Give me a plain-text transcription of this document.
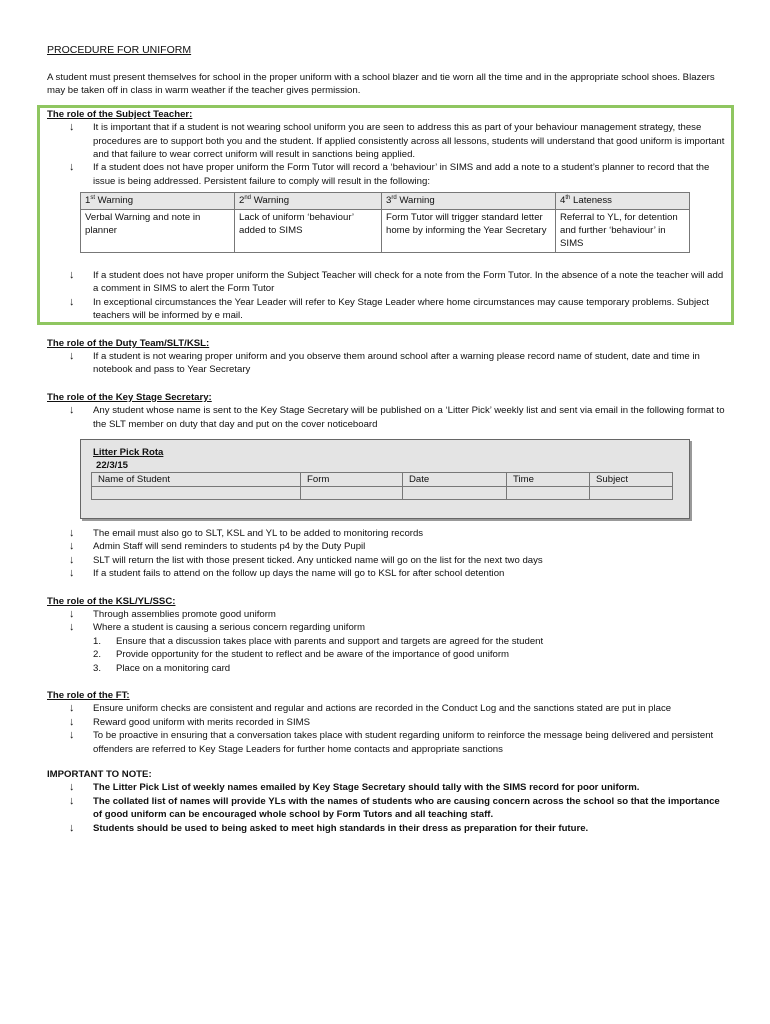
PROCEDURE FOR UNIFORM

A student must present themselves for school in the proper uniform with a school blazer and tie worn all the time and in the appropriate school shoes. Blazers may be taken off in class in warm weather if the teacher gives permission.

The role of the Subject Teacher:
↓ It is important that if a student is not wearing school uniform you are seen to address this as part of your behaviour management strategy, these procedures are to support both you and the student. If applied consistently across all lessons, students will understand that good uniform is important and that failure to wear correct uniform will result in sanctions being applied.
↓ If a student does not have proper uniform the Form Tutor will record a ‘behaviour’ in SIMS and add a note to a student’s planner to record that the issue is being addressed. Persistent failure to comply will result in the following:
1st Warning	2nd Warning	3rd Warning	4th Lateness
Verbal Warning and note in planner	Lack of uniform ‘behaviour’ added to SIMS	Form Tutor will trigger standard letter home by informing the Year Secretary	Referral to YL, for detention and further ‘behaviour’ in SIMS
↓ If a student does not have proper uniform the Subject Teacher will check for a note from the Form Tutor. In the absence of a note the teacher will add a comment in SIMS to alert the Form Tutor
↓ In exceptional circumstances the Year Leader will refer to Key Stage Leader where home circumstances may cause temporary problems. Subject teachers will be informed by e mail.
The role of the Duty Team/SLT/KSL:
↓ If a student is not wearing proper uniform and you observe them around school after a warning please record name of student, date and time in notebook and pass to Year Secretary
The role of the Key Stage Secretary:
↓ Any student whose name is sent to the Key Stage Secretary will be published on a ‘Litter Pick’ weekly list and sent via email in the following format to the SLT member on duty that day and put on the cover noticeboard
Litter Pick Rota
22/3/15
Name of Student	Form	Date	Time	Subject

↓ The email must also go to SLT, KSL and YL to be added to monitoring records
↓ Admin Staff will send reminders to students p4 by the Duty Pupil
↓ SLT will return the list with those present ticked. Any unticked name will go on the list for the next two days
↓ If a student fails to attend on the follow up days the name will go to KSL for after school detention
The role of the KSL/YL/SSC:
↓ Through assemblies promote good uniform
↓ Where a student is causing a serious concern regarding uniform
1. Ensure that a discussion takes place with parents and support and targets are agreed for the student
2. Provide opportunity for the student to reflect and be aware of the importance of good uniform
3. Place on a monitoring card
The role of the FT:
↓ Ensure uniform checks are consistent and regular and actions are recorded in the Conduct Log and the sanctions stated are put in place
↓ Reward good uniform with merits recorded in SIMS
↓ To be proactive in ensuring that a conversation takes place with student regarding uniform to reinforce the message being delivered and persistent offenders are referred to Key Stage Leaders for further home contacts and appropriate sanctions
IMPORTANT TO NOTE:
↓ The Litter Pick List of weekly names emailed by Key Stage Secretary should tally with the SIMS record for poor uniform.
↓ The collated list of names will provide YLs with the names of students who are causing concern across the school so that the importance of good uniform can be encouraged whole school by Form Tutors and all teaching staff.
↓ Students should be used to being asked to meet high standards in their dress as preparation for their future.
